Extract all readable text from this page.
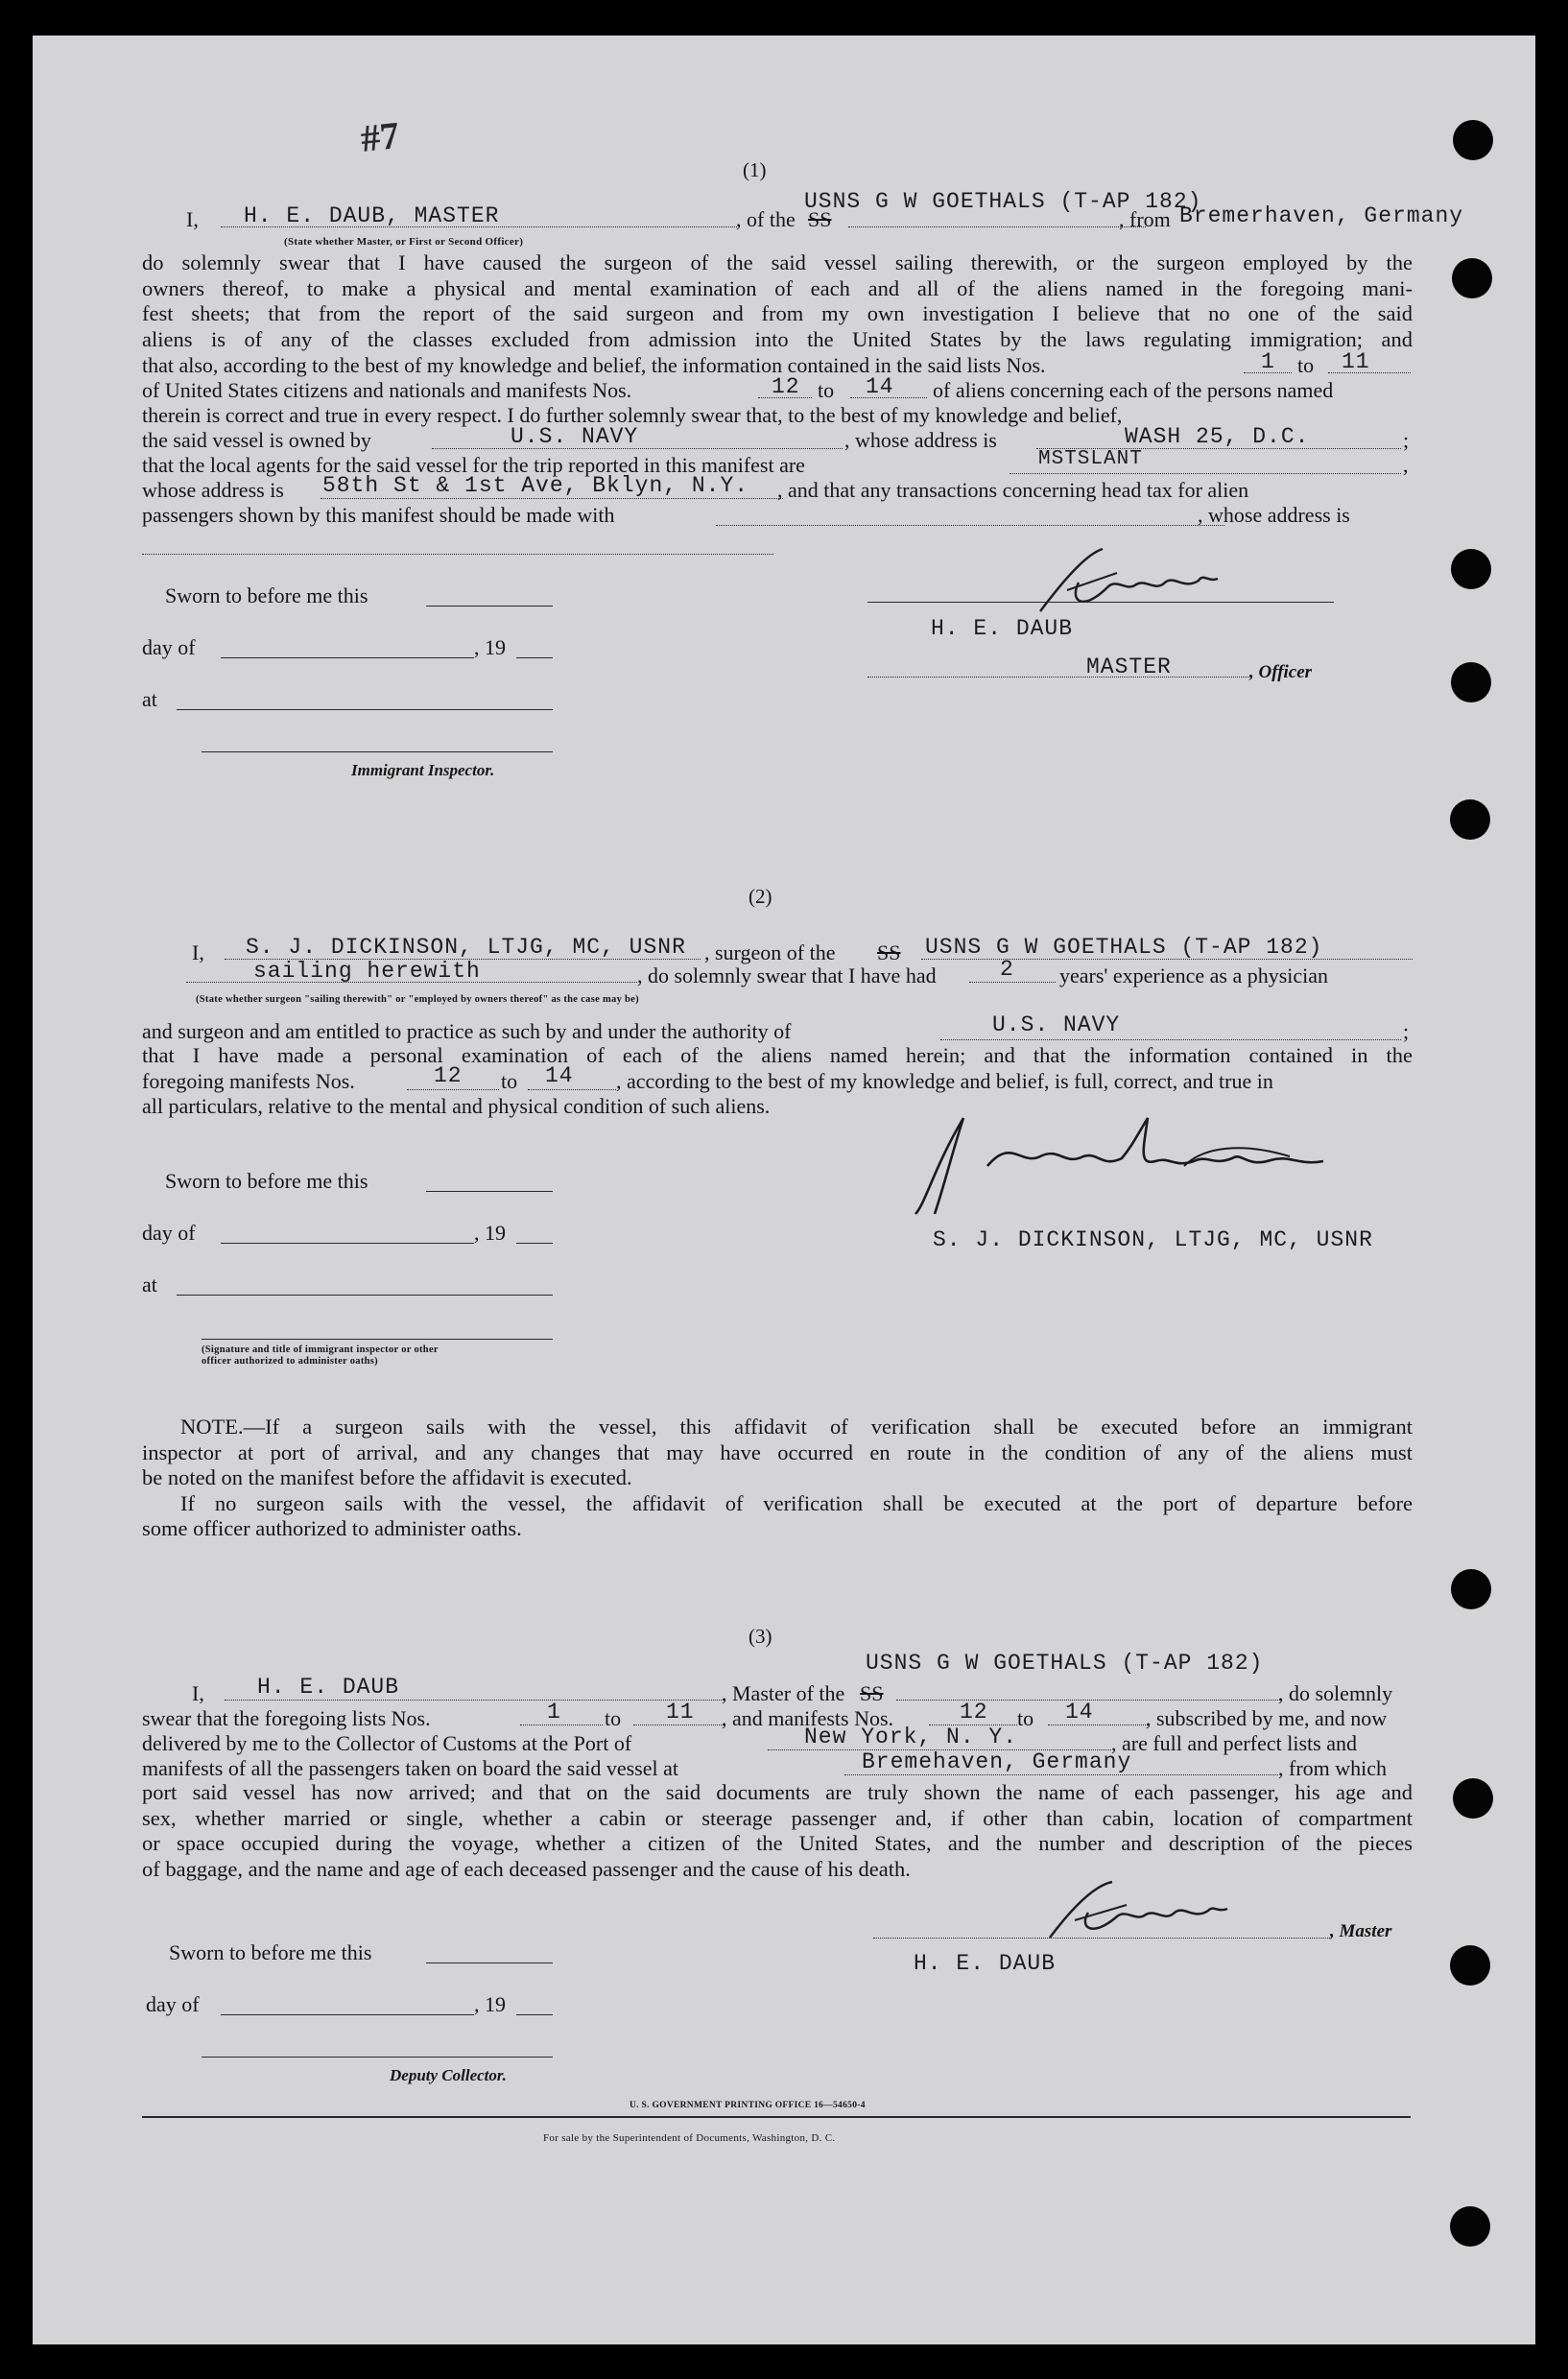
#7
(1)
I, H. E. DAUB, MASTER
(State whether Master, or First or Second Officer)
, of the SS
USNS G W GOETHALS (T-AP 182)
, from Bremerhaven, Germany
do solemnly swear that I have caused the surgeon of the said vessel sailing therewith, or the surgeon employed by the
owners thereof, to make a physical and mental examination of each and all of the aliens named in the foregoing mani-
fest sheets; that from the report of the said surgeon and from my own investigation I believe that no one of the said
aliens is of any of the classes excluded from admission into the United States by the laws regulating immigration; and
that also, according to the best of my knowledge and belief, the information contained in the said lists Nos.	1 to 11
of United States citizens and nationals and manifests Nos.	12 to 14 of aliens concerning each of the persons named
therein is correct and true in every respect. I do further solemnly swear that, to the best of my knowledge and belief,
the said vessel is owned by	U.S. NAVY	, whose address is	WASH 25, D.C.	;
that the local agents for the said vessel for the trip reported in this manifest are	MSTSLANT	,
whose address is 58th St & 1st Ave, Bklyn, N.Y. , and that any transactions concerning head tax for alien
passengers shown by this manifest should be made with	, whose address is
Sworn to before me this
day of	, 19
at
Immigrant Inspector.
H. E. DAUB
MASTER	, Officer
(2)
I, S. J. DICKINSON, LTJG, MC, USNR , surgeon of the SS USNS G W GOETHALS (T-AP 182)
sailing herewith	, do solemnly swear that I have had	2 years' experience as a physician
(State whether surgeon "sailing therewith" or "employed by owners thereof" as the case may be)
and surgeon and am entitled to practice as such by and under the authority of	U.S. NAVY	;
that I have made a personal examination of each of the aliens named herein; and that the information contained in the
foregoing manifests Nos.	12 to 14 , according to the best of my knowledge and belief, is full, correct, and true in
all particulars, relative to the mental and physical condition of such aliens.
Sworn to before me this
day of	, 19
at
(Signature and title of immigrant inspector or other officer authorized to administer oaths)
S. J. DICKINSON, LTJG, MC, USNR
NOTE.—If a surgeon sails with the vessel, this affidavit of verification shall be executed before an immigrant
inspector at port of arrival, and any changes that may have occurred en route in the condition of any of the aliens must
be noted on the manifest before the affidavit is executed.
If no surgeon sails with the vessel, the affidavit of verification shall be executed at the port of departure before
some officer authorized to administer oaths.
(3)
I, H. E. DAUB	, Master of the SS
USNS G W GOETHALS (T-AP 182)
, do solemnly
swear that the foregoing lists Nos.	1 to 11 , and manifests Nos.	12 to 14 , subscribed by me, and now
delivered by me to the Collector of Customs at the Port of	New York, N. Y.	, are full and perfect lists and
manifests of all the passengers taken on board the said vessel at	Bremehaven, Germany	, from which
port said vessel has now arrived; and that on the said documents are truly shown the name of each passenger, his age and
sex, whether married or single, whether a cabin or steerage passenger and, if other than cabin, location of compartment
or space occupied during the voyage, whether a citizen of the United States, and the number and description of the pieces
of baggage, and the name and age of each deceased passenger and the cause of his death.
Sworn to before me this
day of	, 19
Deputy Collector.
, Master
H. E. DAUB
U. S. GOVERNMENT PRINTING OFFICE 16—54650-4
For sale by the Superintendent of Documents, Washington, D. C.
